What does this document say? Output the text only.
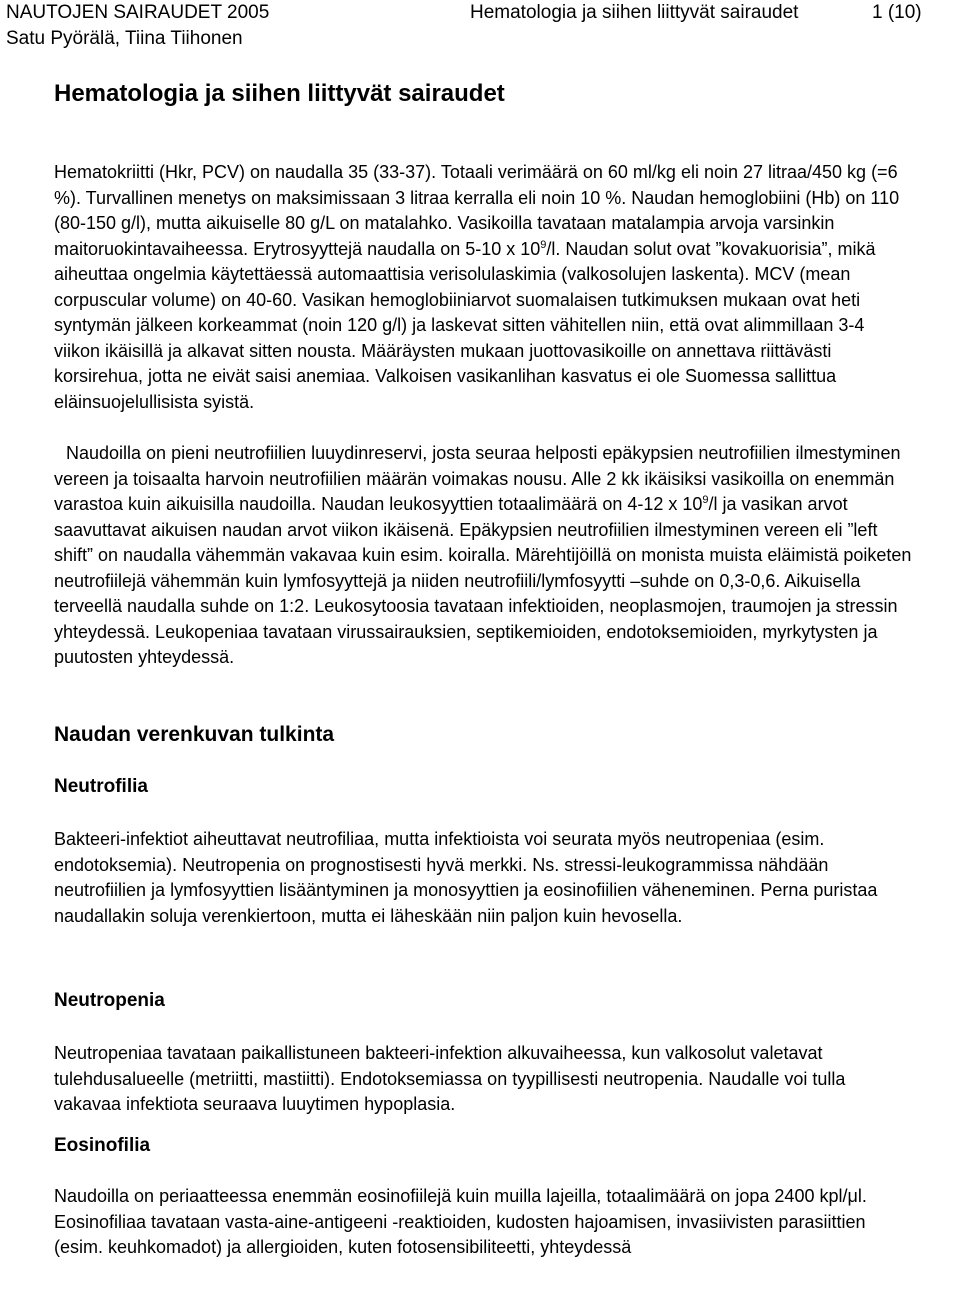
NAUTOJEN SAIRAUDET 2005
Satu Pyörälä, Tiina Tiihonen
Hematologia ja siihen liittyvät sairaudet	1 (10)
Hematologia ja siihen liittyvät sairaudet

Hematokriitti (Hkr, PCV) on naudalla 35 (33-37). Totaali verimäärä on 60 ml/kg eli noin 27 litraa/450 kg (=6 %). Turvallinen menetys on maksimissaan 3 litraa kerralla eli noin 10 %. Naudan hemoglobiini (Hb) on 110 (80-150 g/l), mutta aikuiselle 80 g/L on matalahko. Vasikoilla tavataan matalampia arvoja varsinkin maitoruokintavaiheessa. Erytrosyyttejä naudalla on 5-10 x $10^9/l$. Naudan solut ovat ”kovakuorisia”, mikä aiheuttaa ongelmia käytettäessä automaattisia verisolulaskimia (valkosolujen laskenta). MCV (mean corpuscular volume) on 40-60. Vasikan hemoglobiiniarvot suomalaisen tutkimuksen mukaan ovat heti syntymän jälkeen korkeammat (noin 120 g/l) ja laskevat sitten vähitellen niin, että ovat alimmillaan 3-4 viikon ikäisillä ja alkavat sitten nousta. Määräysten mukaan juottovasikoille on annettava riittävästi korsirehua, jotta ne eivät saisi anemiaa. Valkoisen vasikanlihan kasvatus ei ole Suomessa sallittua eläinsuojelullisista syistä.

Naudoilla on pieni neutrofiilien luuydinreservi, josta seuraa helposti epäkypsien neutrofiilien ilmestyminen vereen ja toisaalta harvoin neutrofiilien määrän voimakas nousu. Alle 2 kk ikäisiksi vasikoilla on enemmän varastoa kuin aikuisilla naudoilla. Naudan leukosyyttien totaalimäärä on 4-12 x $10^9/l$ ja vasikan arvot saavuttavat aikuisen naudan arvot viikon ikäisenä. Epäkypsien neutrofiilien ilmestyminen vereen eli ”left shift” on naudalla vähemmän vakavaa kuin esim. koiralla. Märehtijöillä on monista muista eläimistä poiketen neutrofiilejä vähemmän kuin lymfosyyttejä ja niiden neutrofiili/lymfosyytti –suhde on 0,3-0,6. Aikuisella terveellä naudalla suhde on 1:2. Leukosytoosia tavataan infektioiden, neoplasmojen, traumojen ja stressin yhteydessä. Leukopeniaa tavataan virussairauksien, septikemioiden, endotoksemioiden, myrkytysten ja puutosten yhteydessä.

Naudan verenkuvan tulkinta
Neutrofilia

Bakteeri-infektiot aiheuttavat neutrofiliaa, mutta infektioista voi seurata myös neutropeniaa (esim. endotoksemia). Neutropenia on prognostisesti hyvä merkki. Ns. stressi-leukogrammissa nähdään neutrofiilien ja lymfosyyttien lisääntyminen ja monosyyttien ja eosinofiilien väheneminen. Perna puristaa naudallakin soluja verenkiertoon, mutta ei läheskään niin paljon kuin hevosella.

Neutropenia

Neutropeniaa tavataan paikallistuneen bakteeri-infektion alkuvaiheessa, kun valkosolut valetavat tulehdusalueelle (metriitti, mastiitti). Endotoksemiassa on tyypillisesti neutropenia. Naudalle voi tulla vakavaa infektiota seuraava luuytimen hypoplasia.

Eosinofilia

Naudoilla on periaatteessa enemmän eosinofiilejä kuin muilla lajeilla, totaalimäärä on jopa 2400 kpl/μl. Eosinofiliaa tavataan vasta-aine-antigeeni -reaktioiden, kudosten hajoamisen, invasiivisten parasiittien (esim. keuhkomadot) ja allergioiden, kuten fotosensibiliteetti, yhteydessä
